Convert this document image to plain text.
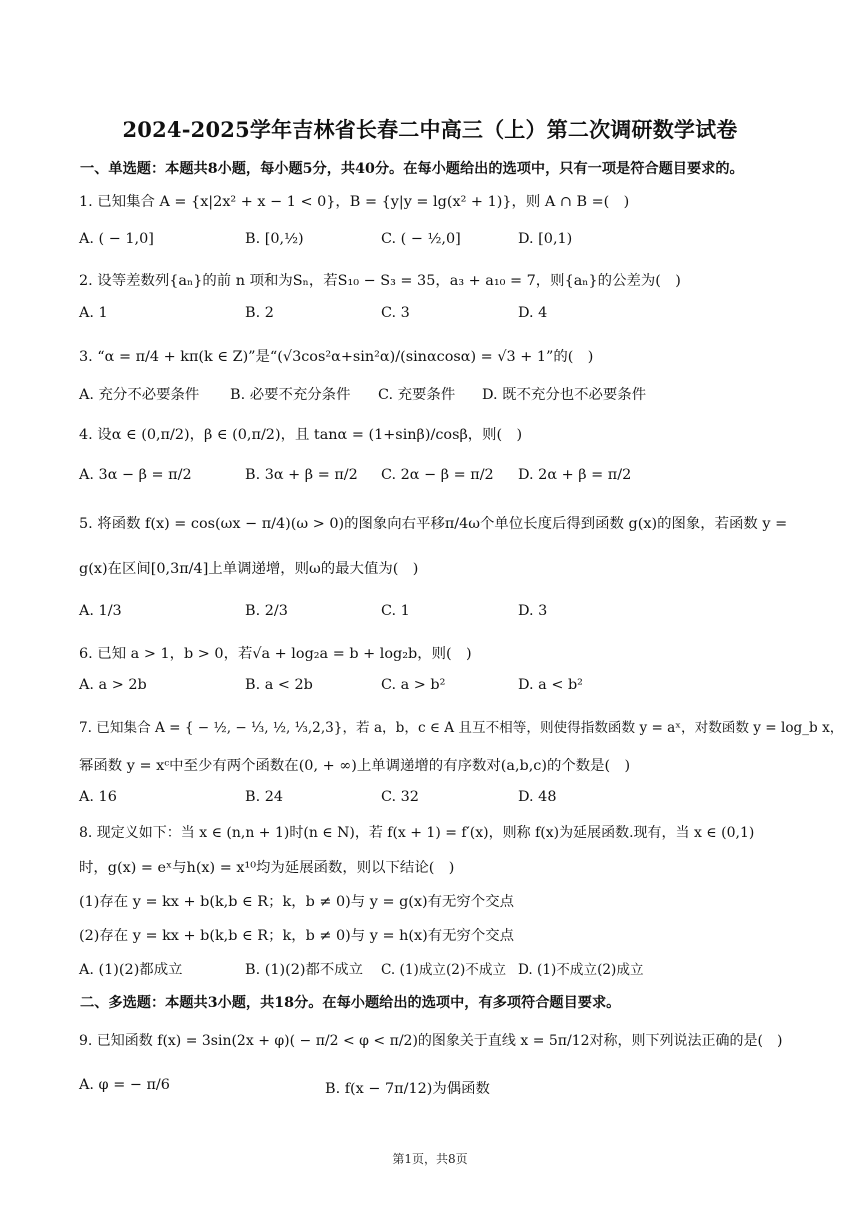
2024-2025学年吉林省长春二中高三（上）第二次调研数学试卷
一、单选题：本题共8小题，每小题5分，共40分。在每小题给出的选项中，只有一项是符合题目要求的。
1. 已知集合 A = {x|2x² + x − 1 < 0}，B = {y|y = lg(x² + 1)}，则 A ∩ B =(　)
A. ( − 1,0]	B. [0,½)	C. ( − ½,0]	D. [0,1)
2. 设等差数列{aₙ}的前 n 项和为Sₙ，若S₁₀ − S₃ = 35，a₃ + a₁₀ = 7，则{aₙ}的公差为(　)
A. 1	B. 2	C. 3	D. 4
3. “α = π/4 + kπ(k ∈ Z)”是“(√3cos²α+sin²α)/(sinαcosα) = √3 + 1”的(　)
A. 充分不必要条件 B. 必要不充分条件 C. 充要条件 D. 既不充分也不必要条件
4. 设α ∈ (0,π/2)，β ∈ (0,π/2)，且 tanα = (1+sinβ)/cosβ，则(　)
A. 3α − β = π/2	B. 3α + β = π/2 C. 2α − β = π/2 D. 2α + β = π/2
5. 将函数 f(x) = cos(ωx − π/4)(ω > 0)的图象向右平移π/4ω个单位长度后得到函数 g(x)的图象，若函数 y =
g(x)在区间[0,3π/4]上单调递增，则ω的最大值为(　)
A. 1/3	B. 2/3	C. 1	D. 3
6. 已知 a > 1，b > 0，若√a + log₂a = b + log₂b，则(　)
A. a > 2b	B. a < 2b	C. a > b²	D. a < b²
7. 已知集合 A = { − ½, − ⅓, ½, ⅓,2,3}，若 a，b，c ∈ A 且互不相等，则使得指数函数 y = aˣ，对数函数 y = log_b x，
幂函数 y = xᶜ中至少有两个函数在(0, + ∞)上单调递增的有序数对(a,b,c)的个数是(　)
A. 16	B. 24	C. 32	D. 48
8. 现定义如下：当 x ∈ (n,n + 1)时(n ∈ N)，若 f(x + 1) = f′(x)，则称 f(x)为延展函数.现有，当 x ∈ (0,1)
时，g(x) = eˣ与h(x) = x¹⁰均为延展函数，则以下结论(　)
(1)存在 y = kx + b(k,b ∈ R；k，b ≠ 0)与 y = g(x)有无穷个交点
(2)存在 y = kx + b(k,b ∈ R；k，b ≠ 0)与 y = h(x)有无穷个交点
A. (1)(2)都成立	B. (1)(2)都不成立 C. (1)成立(2)不成立 D. (1)不成立(2)成立
二、多选题：本题共3小题，共18分。在每小题给出的选项中，有多项符合题目要求。
9. 已知函数 f(x) = 3sin(2x + φ)( − π/2 < φ < π/2)的图象关于直线 x = 5π/12对称，则下列说法正确的是(　)
A. φ = − π/6	B. f(x − 7π/12)为偶函数
第1页，共8页
